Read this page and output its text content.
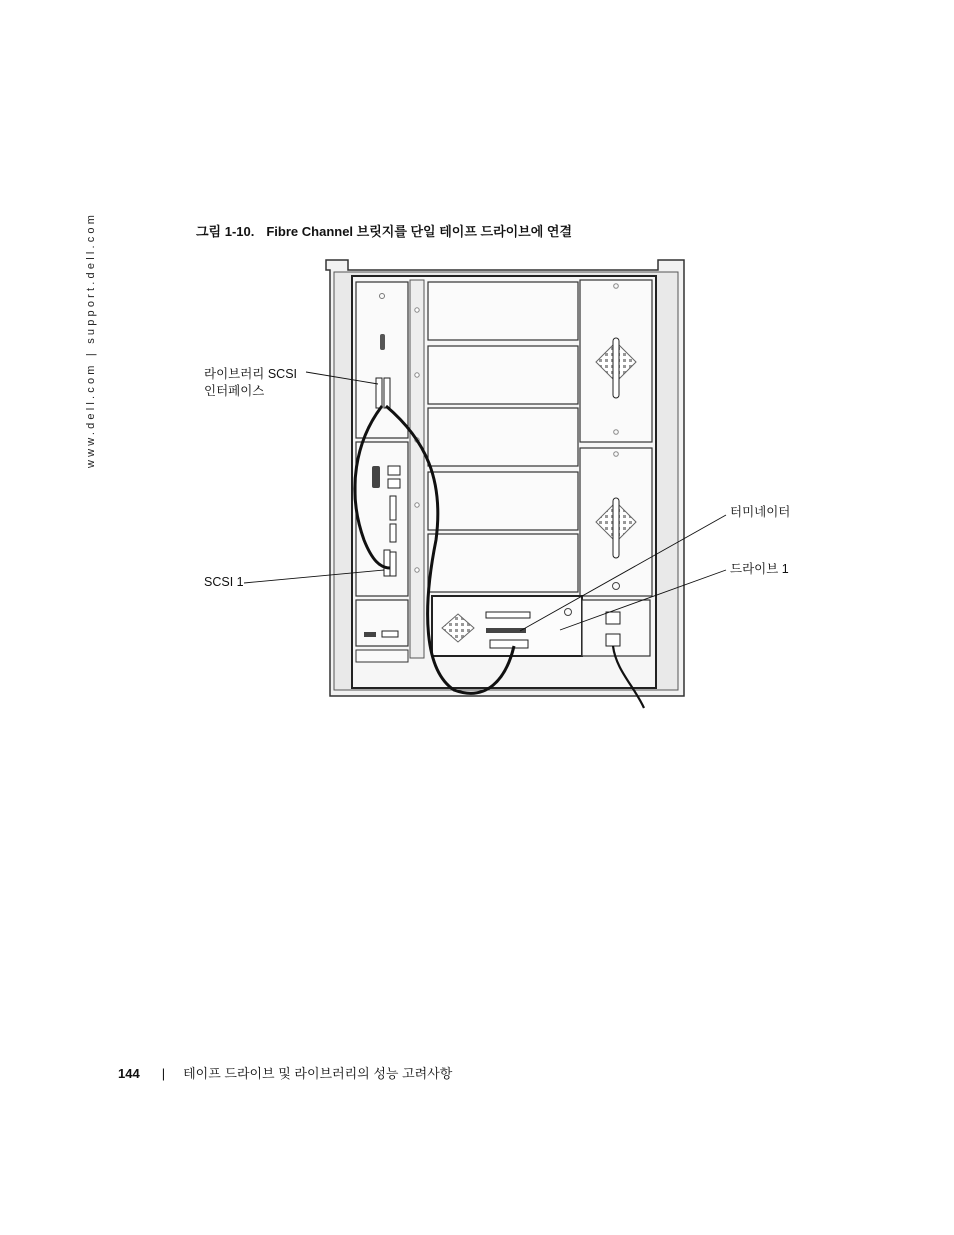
www.dell.com | support.dell.com	그림 1-10. Fibre Channel 브릿지를 단일 테이프 드라이브에 연결
라이브러리 SCSI
인터페이스
SCSI 1
터미네이터
드라이브 1
144 | 테이프 드라이브 및 라이브러리의 성능 고려사항
